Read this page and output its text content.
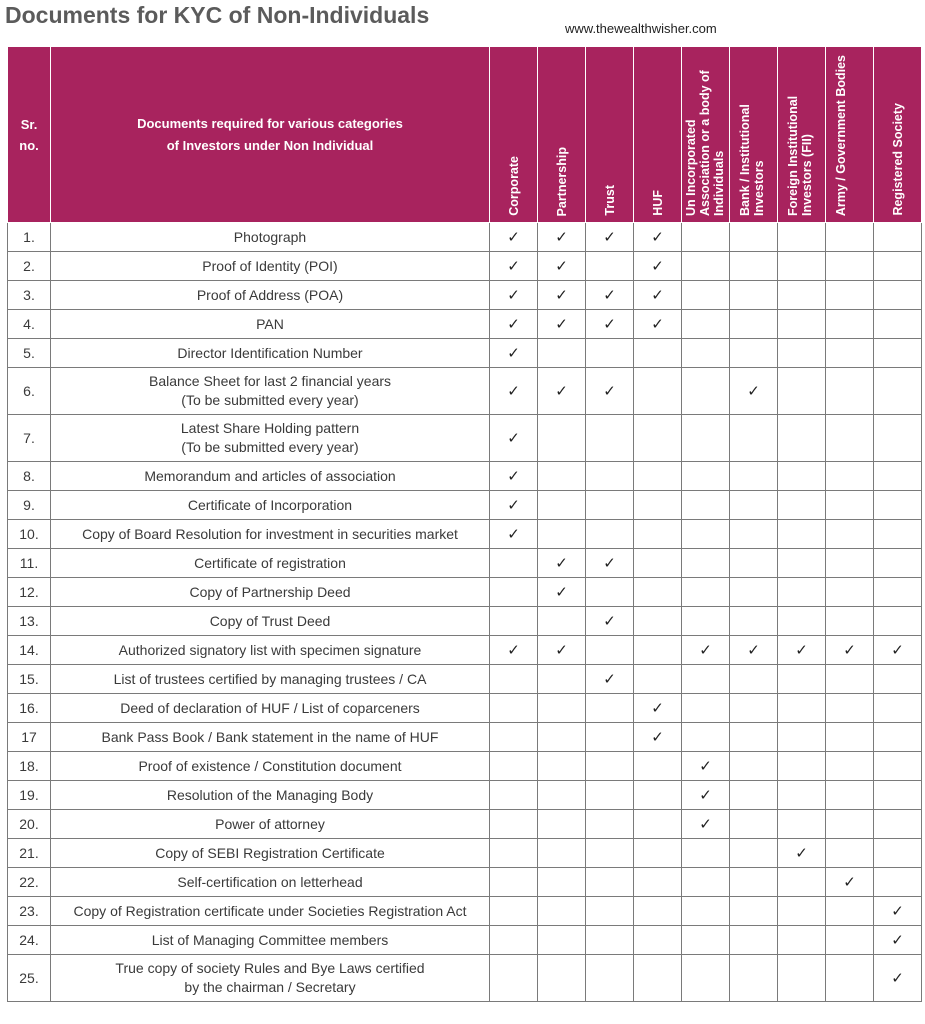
Documents for KYC of Non-Individuals
www.thewealthwisher.com
Sr.
no.	Documents required for various categories
of Investors under Non Individual	Corporate	Partnership	Trust	HUF	Un Incorporated Association or a body of Individuals	Bank / Institutional Investors	Foreign Institutional Investors (FII)	Army / Government Bodies	Registered Society

1.	Photograph	✓	✓	✓	✓					
2.	Proof of Identity (POI)	✓	✓		✓					
3.	Proof of Address (POA)	✓	✓	✓	✓					
4.	PAN	✓	✓	✓	✓					
5.	Director Identification Number	✓								
6.	Balance Sheet for last 2 financial years
(To be submitted every year)	✓	✓	✓			✓			
7.	Latest Share Holding pattern
(To be submitted every year)	✓								
8.	Memorandum and articles of association	✓								
9.	Certificate of Incorporation	✓								
10.	Copy of Board Resolution for investment in securities market	✓								
11.	Certificate of registration		✓	✓						
12.	Copy of Partnership Deed		✓							
13.	Copy of Trust Deed			✓						
14.	Authorized signatory list with specimen signature	✓	✓			✓	✓	✓	✓	✓
15.	List of trustees certified by managing trustees / CA			✓						
16.	Deed of declaration of HUF / List of coparceners				✓					
17	Bank Pass Book / Bank statement in the name of HUF				✓					
18.	Proof of existence / Constitution document					✓				
19.	Resolution of the Managing Body					✓				
20.	Power of attorney					✓				
21.	Copy of SEBI Registration Certificate							✓		
22.	Self-certification on letterhead								✓	
23.	Copy of Registration certificate under Societies Registration Act									✓
24.	List of Managing Committee members									✓
25.	True copy of society Rules and Bye Laws certified
by the chairman / Secretary									✓
